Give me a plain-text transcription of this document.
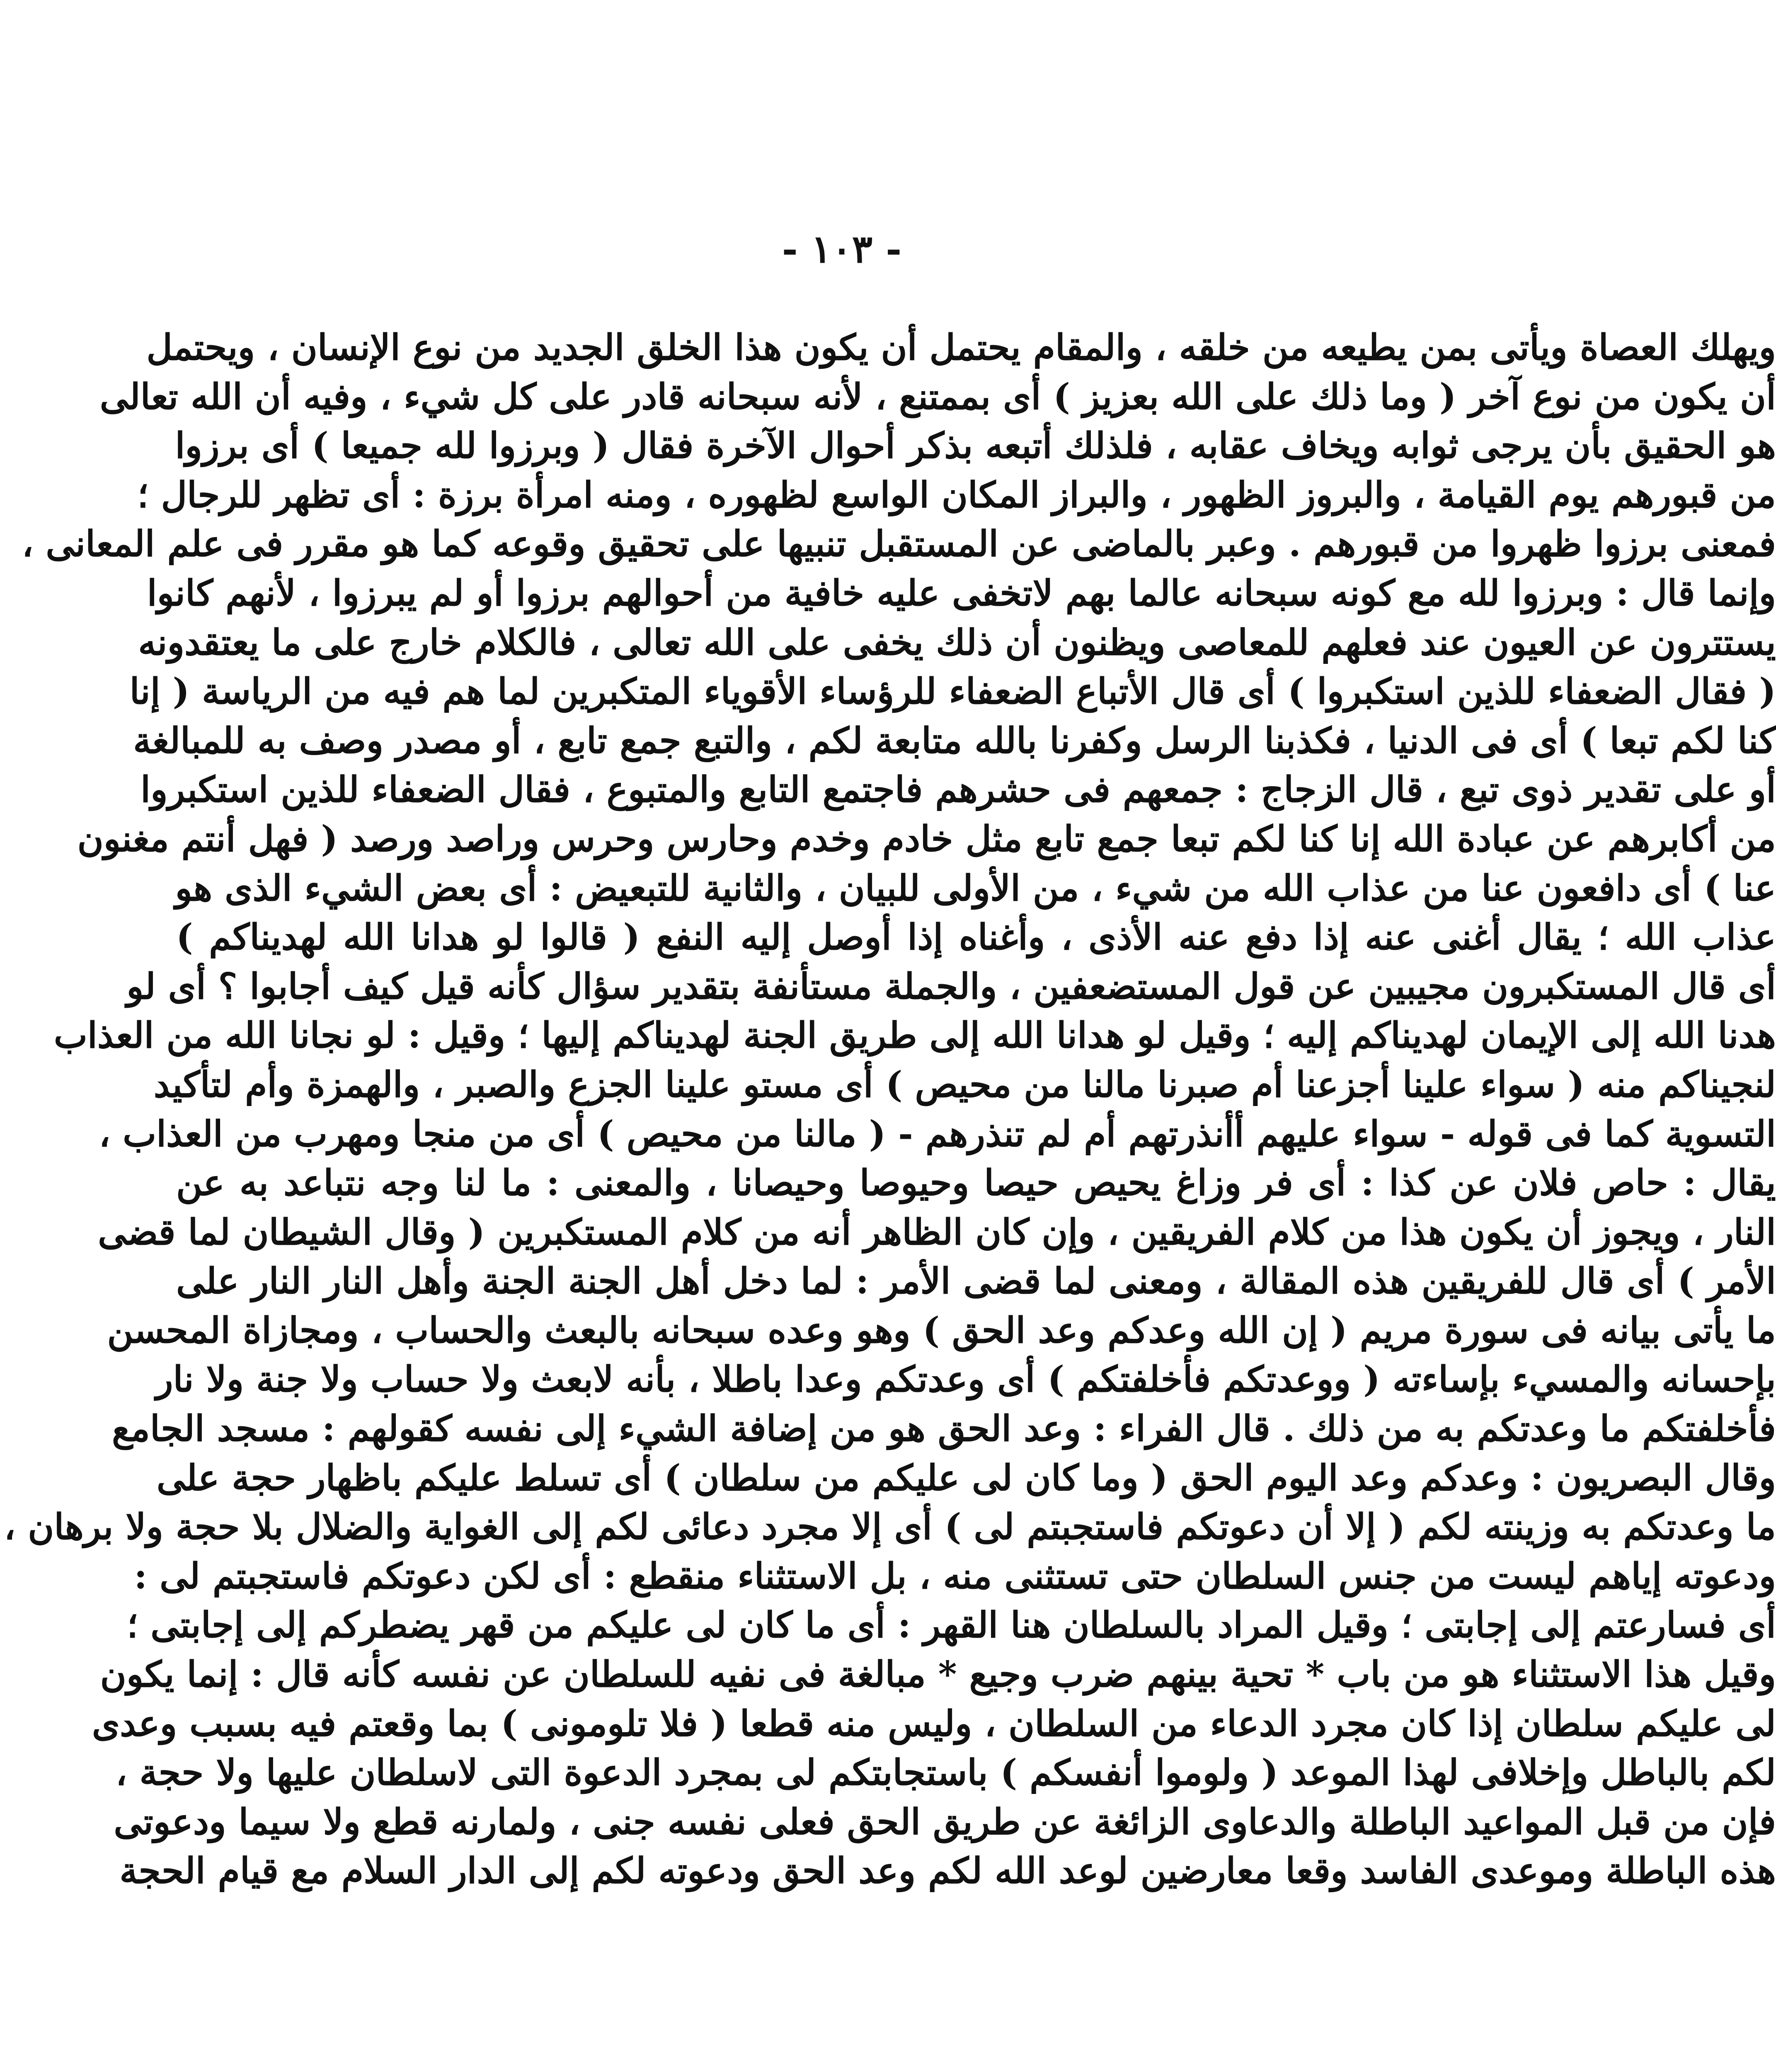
- ١٠٣ -
ويهلك العصاة ويأتى بمن يطيعه من خلقه ، والمقام يحتمل أن يكون هذا الخلق الجديد من نوع الإنسان ، ويحتمل
أن يكون من نوع آخر ( وما ذلك على الله بعزيز ) أى بممتنع ، لأنه سبحانه قادر على كل شيء ، وفيه أن الله تعالى
هو الحقيق بأن يرجى ثوابه ويخاف عقابه ، فلذلك أتبعه بذكر أحوال الآخرة فقال ( وبرزوا لله جميعا ) أى برزوا
من قبورهم يوم القيامة ، والبروز الظهور ، والبراز المكان الواسع لظهوره ، ومنه امرأة برزة : أى تظهر للرجال ؛
فمعنى برزوا ظهروا من قبورهم . وعبر بالماضى عن المستقبل تنبيها على تحقيق وقوعه كما هو مقرر فى علم المعانى ،
وإنما قال : وبرزوا لله مع كونه سبحانه عالما بهم لاتخفى عليه خافية من أحوالهم برزوا أو لم يبرزوا ، لأنهم كانوا
يستترون عن العيون عند فعلهم للمعاصى ويظنون أن ذلك يخفى على الله تعالى ، فالكلام خارج على ما يعتقدونه
( فقال الضعفاء للذين استكبروا ) أى قال الأتباع الضعفاء للرؤساء الأقوياء المتكبرين لما هم فيه من الرياسة ( إنا
كنا لكم تبعا ) أى فى الدنيا ، فكذبنا الرسل وكفرنا بالله متابعة لكم ، والتبع جمع تابع ، أو مصدر وصف به للمبالغة
أو على تقدير ذوى تبع ، قال الزجاج : جمعهم فى حشرهم فاجتمع التابع والمتبوع ، فقال الضعفاء للذين استكبروا
من أكابرهم عن عبادة الله إنا كنا لكم تبعا جمع تابع مثل خادم وخدم وحارس وحرس وراصد ورصد ( فهل أنتم مغنون
عنا ) أى دافعون عنا من عذاب الله من شيء ، من الأولى للبيان ، والثانية للتبعيض : أى بعض الشيء الذى هو
عذاب الله ؛ يقال أغنى عنه إذا دفع عنه الأذى ، وأغناه إذا أوصل إليه النفع ( قالوا لو هدانا الله لهديناكم )
أى قال المستكبرون مجيبين عن قول المستضعفين ، والجملة مستأنفة بتقدير سؤال كأنه قيل كيف أجابوا ؟ أى لو
هدنا الله إلى الإيمان لهديناكم إليه ؛ وقيل لو هدانا الله إلى طريق الجنة لهديناكم إليها ؛ وقيل : لو نجانا الله من العذاب
لنجيناكم منه ( سواء علينا أجزعنا أم صبرنا مالنا من محيص ) أى مستو علينا الجزع والصبر ، والهمزة وأم لتأكيد
التسوية كما فى قوله - سواء عليهم أأنذرتهم أم لم تنذرهم - ( مالنا من محيص ) أى من منجا ومهرب من العذاب ،
يقال : حاص فلان عن كذا : أى فر وزاغ يحيص حيصا وحيوصا وحيصانا ، والمعنى : ما لنا وجه نتباعد به عن
النار ، ويجوز أن يكون هذا من كلام الفريقين ، وإن كان الظاهر أنه من كلام المستكبرين ( وقال الشيطان لما قضى
الأمر ) أى قال للفريقين هذه المقالة ، ومعنى لما قضى الأمر : لما دخل أهل الجنة الجنة وأهل النار النار على
ما يأتى بيانه فى سورة مريم ( إن الله وعدكم وعد الحق ) وهو وعده سبحانه بالبعث والحساب ، ومجازاة المحسن
بإحسانه والمسيء بإساءته ( ووعدتكم فأخلفتكم ) أى وعدتكم وعدا باطلا ، بأنه لابعث ولا حساب ولا جنة ولا نار
فأخلفتكم ما وعدتكم به من ذلك . قال الفراء : وعد الحق هو من إضافة الشيء إلى نفسه كقولهم : مسجد الجامع
وقال البصريون : وعدكم وعد اليوم الحق ( وما كان لى عليكم من سلطان ) أى تسلط عليكم باظهار حجة على
ما وعدتكم به وزينته لكم ( إلا أن دعوتكم فاستجبتم لى ) أى إلا مجرد دعائى لكم إلى الغواية والضلال بلا حجة ولا برهان ،
ودعوته إياهم ليست من جنس السلطان حتى تستثنى منه ، بل الاستثناء منقطع : أى لكن دعوتكم فاستجبتم لى :
أى فسارعتم إلى إجابتى ؛ وقيل المراد بالسلطان هنا القهر : أى ما كان لى عليكم من قهر يضطركم إلى إجابتى ؛
وقيل هذا الاستثناء هو من باب * تحية بينهم ضرب وجيع * مبالغة فى نفيه للسلطان عن نفسه كأنه قال : إنما يكون
لى عليكم سلطان إذا كان مجرد الدعاء من السلطان ، وليس منه قطعا ( فلا تلومونى ) بما وقعتم فيه بسبب وعدى
لكم بالباطل وإخلافى لهذا الموعد ( ولوموا أنفسكم ) باستجابتكم لى بمجرد الدعوة التى لاسلطان عليها ولا حجة ،
فإن من قبل المواعيد الباطلة والدعاوى الزائغة عن طريق الحق فعلى نفسه جنى ، ولمارنه قطع ولا سيما ودعوتى
هذه الباطلة وموعدى الفاسد وقعا معارضين لوعد الله لكم وعد الحق ودعوته لكم إلى الدار السلام مع قيام الحجة
